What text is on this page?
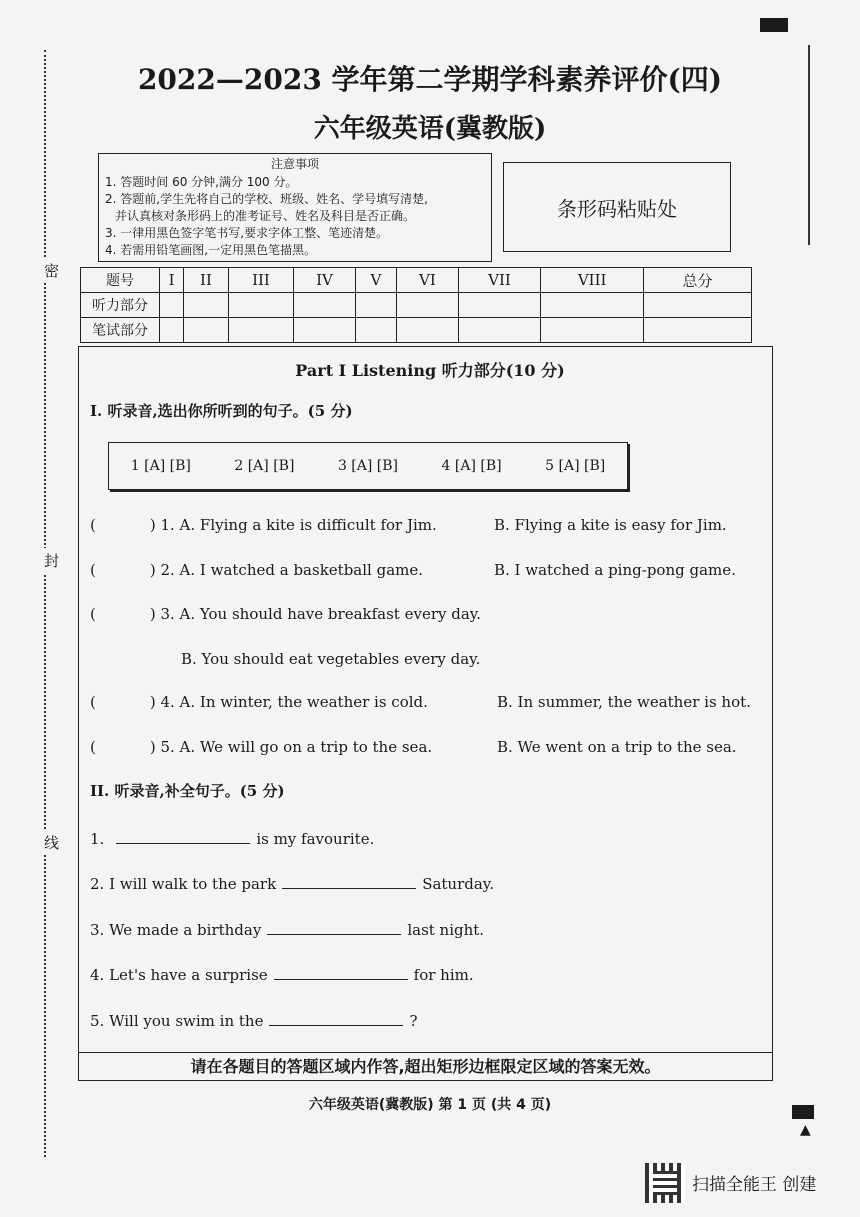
密
封
线
▲
2022—2023 学年第二学期学科素养评价(四)
六年级英语(冀教版)
注意事项
1. 答题时间 60 分钟,满分 100 分。
2. 答题前,学生先将自己的学校、班级、姓名、学号填写清楚,
并认真核对条形码上的准考证号、姓名及科目是否正确。
3. 一律用黑色签字笔书写,要求字体工整、笔迹清楚。
4. 若需用铅笔画图,一定用黑色笔描黑。
条形码粘贴处
题号	I	II	III	IV	V	VI	VII	VIII	总分
听力部分									
笔试部分									
Part I Listening 听力部分(10 分)
I. 听录音,选出你所听到的句子。(5 分)
1 [A] [B]	2 [A] [B]	3 [A] [B]	4 [A] [B]	5 [A] [B]
(	) 1. A. Flying a kite is difficult for Jim.	B. Flying a kite is easy for Jim.
(	) 2. A. I watched a basketball game.	B. I watched a ping-pong game.
(	) 3. A. You should have breakfast every day.
B. You should eat vegetables every day.
(	) 4. A. In winter, the weather is cold.	B. In summer, the weather is hot.
(	) 5. A. We will go on a trip to the sea.	B. We went on a trip to the sea.
II. 听录音,补全句子。(5 分)
1.	is my favourite.
2. I will walk to the park	Saturday.
3. We made a birthday	last night.
4. Let's have a surprise	for him.
5. Will you swim in the	?
请在各题目的答题区域内作答,超出矩形边框限定区域的答案无效。
六年级英语(冀教版) 第 1 页 (共 4 页)
扫描全能王 创建
